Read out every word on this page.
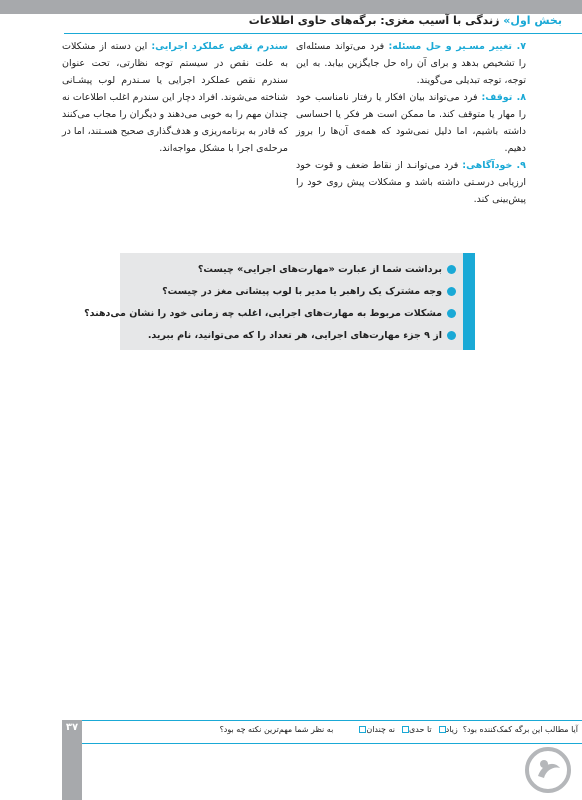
بخش اول» زندگی با آسیب مغزی: برگه‌های حاوی اطلاعات

۷. تغییر مسـیر و حل مسئله: فرد می‌تواند مسئله‌ای را تشخیص بدهد و برای آن راه حل جایگزین بیابد. به این توجه، توجه تبدیلی می‌گویند.

۸. توقف: فرد می‌تواند بیان افکار یا رفتار نامناسب خود را مهار یا متوقف کند. ما ممکن است هر فکر یا احساسی داشته باشیم، اما دلیل نمی‌شود که همه‌ی آن‌ها را بروز دهیم.

۹. خودآگاهی: فرد می‌توانـد از نقاط ضعف و قوت خود ارزیابی درسـتی داشته باشد و مشکلات پیش روی خود را پیش‌بینی کند.

سندرم نقص عملکرد اجرایی: این دسته از مشکلات به علت نقص در سیستم توجه نظارتی، تحت عنوان سندرم نقص عملکرد اجرایی یا سـندرم لوب پیشـانی شناخته می‌شوند. افراد دچار این سندرم اغلب اطلاعات نه چندان مهم را به خوبی می‌دهند و دیگران را مجاب می‌کنند که قادر به برنامه‌ریزی و هدف‌گذاری صحیح هسـتند، اما در مرحله‌ی اجرا با مشکل مواجه‌اند.

برداشت شما از عبارت «مهارت‌های اجرایی» چیست؟
وجه مشترک یک راهبر یا مدیر با لوب پیشانی مغز در چیست؟
مشکلات مربوط به مهارت‌های اجرایی، اغلب چه زمانی خود را نشان می‌دهند؟
از ۹ جزء مهارت‌های اجرایی، هر تعداد را که می‌توانید، نام ببرید.
۳۷	آیا مطالب این برگه کمک‌کننده بود؟
زیاد
تا حدی
نه چندان
به نظر شما مهم‌ترین نکته چه بود؟
